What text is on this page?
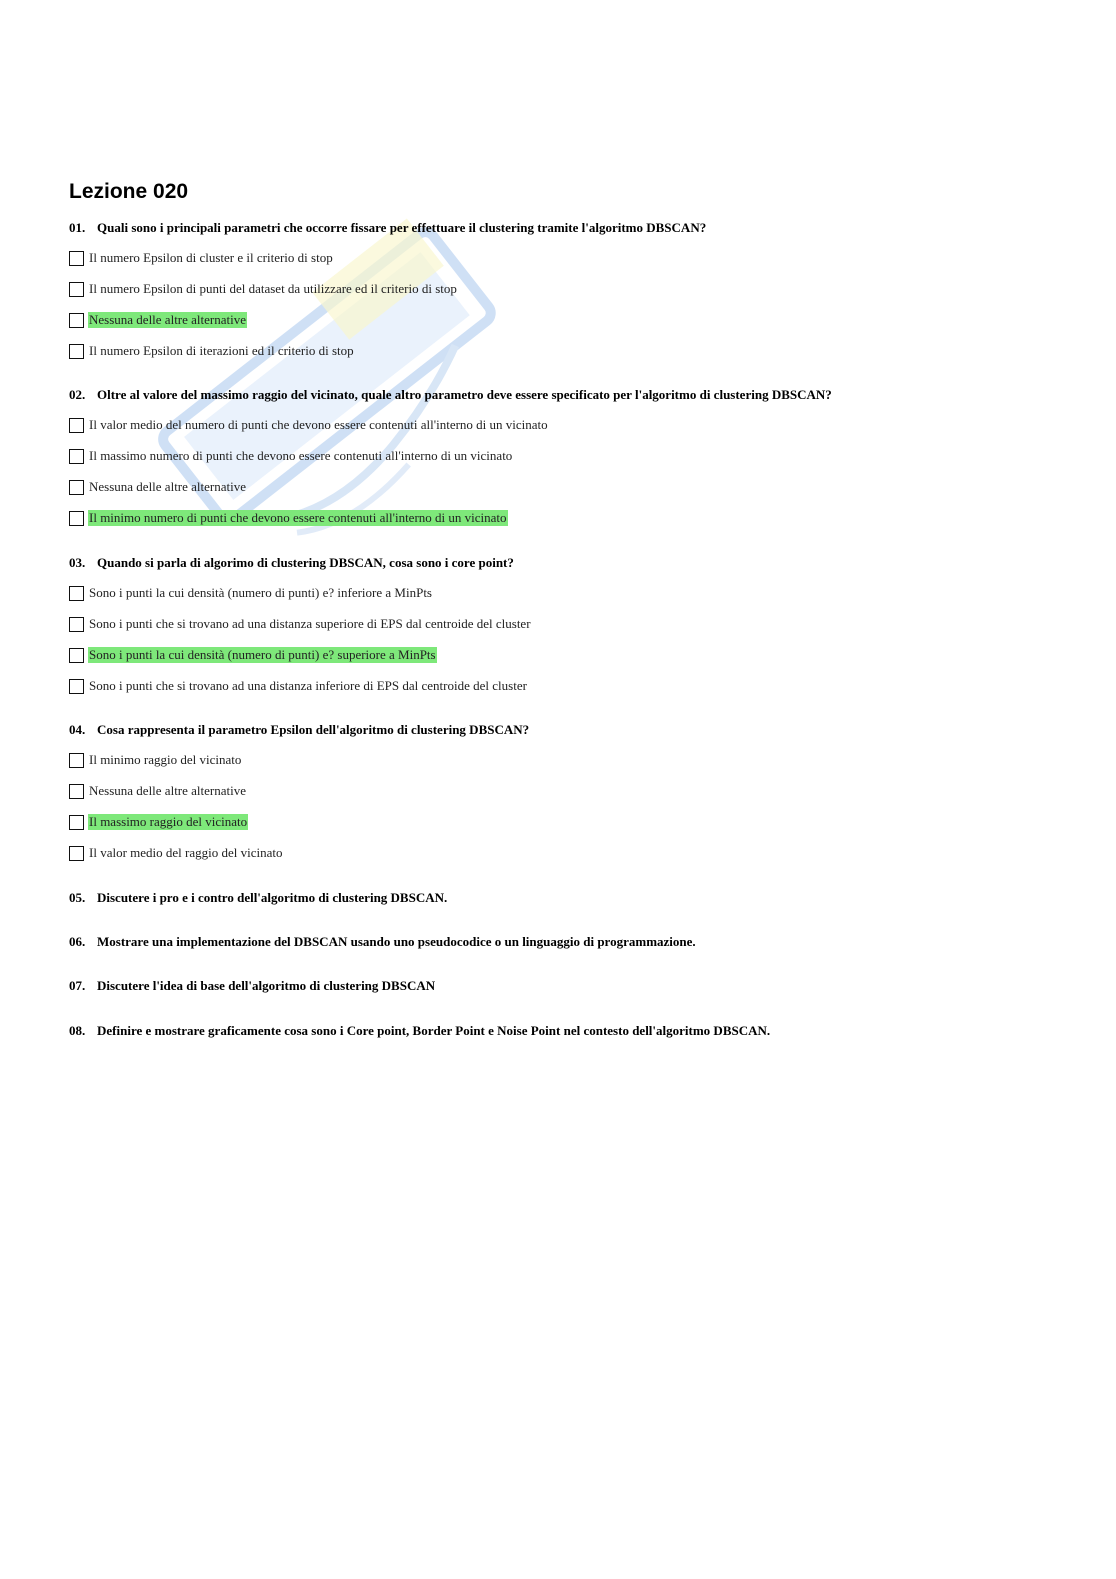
Lezione 020
01. Quali sono i principali parametri che occorre fissare per effettuare il clustering tramite l'algoritmo DBSCAN?
Il numero Epsilon di cluster e il criterio di stop
Il numero Epsilon di punti del dataset da utilizzare ed il criterio di stop
Nessuna delle altre alternative
Il numero Epsilon di iterazioni ed il criterio di stop
02. Oltre al valore del massimo raggio del vicinato, quale altro parametro deve essere specificato per l'algoritmo di clustering DBSCAN?
Il valor medio del numero di punti che devono essere contenuti all'interno di un vicinato
Il massimo numero di punti che devono essere contenuti all'interno di un vicinato
Nessuna delle altre alternative
Il minimo numero di punti che devono essere contenuti all'interno di un vicinato
03. Quando si parla di algorimo di clustering DBSCAN, cosa sono i core point?
Sono i punti la cui densità (numero di punti) e? inferiore a MinPts
Sono i punti che si trovano ad una distanza superiore di EPS dal centroide del cluster
Sono i punti la cui densità (numero di punti) e? superiore a MinPts
Sono i punti che si trovano ad una distanza inferiore di EPS dal centroide del cluster
04. Cosa rappresenta il parametro Epsilon dell'algoritmo di clustering DBSCAN?
Il minimo raggio del vicinato
Nessuna delle altre alternative
Il massimo raggio del vicinato
Il valor medio del raggio del vicinato
05. Discutere i pro e i contro dell'algoritmo di clustering DBSCAN.
06. Mostrare una implementazione del DBSCAN usando uno pseudocodice o un linguaggio di programmazione.
07. Discutere l'idea di base dell'algoritmo di clustering DBSCAN
08. Definire e mostrare graficamente cosa sono i Core point, Border Point e Noise Point nel contesto dell'algoritmo DBSCAN.
